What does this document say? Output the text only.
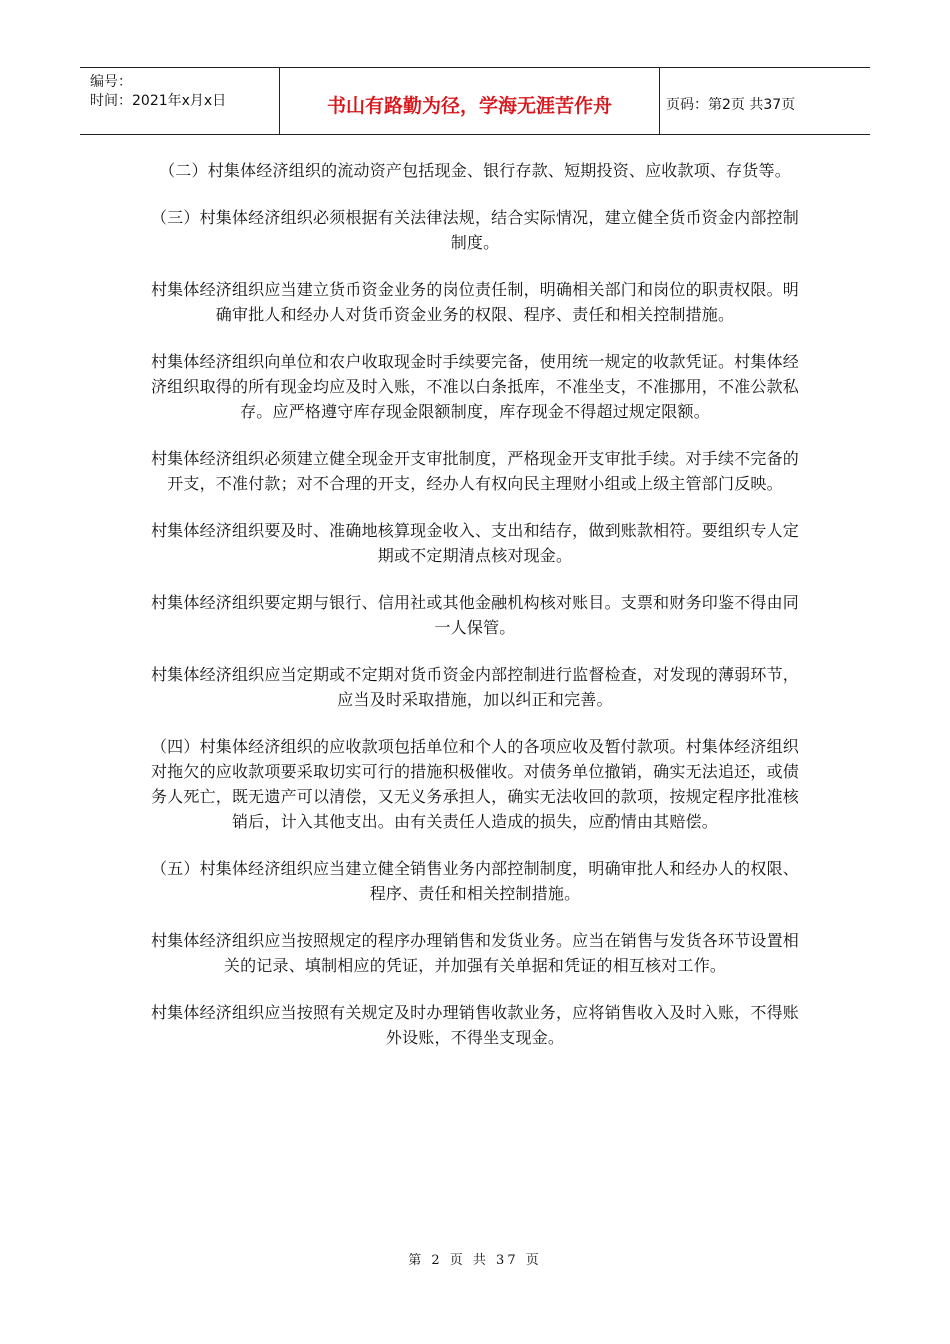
编号：
时间：2021年x月x日	书山有路勤为径，学海无涯苦作舟	页码：第2页 共37页

（二）村集体经济组织的流动资产包括现金、银行存款、短期投资、应收款项、存货等。

（三）村集体经济组织必须根据有关法律法规，结合实际情况，建立健全货币资金内部控制制度。

村集体经济组织应当建立货币资金业务的岗位责任制，明确相关部门和岗位的职责权限。明确审批人和经办人对货币资金业务的权限、程序、责任和相关控制措施。

村集体经济组织向单位和农户收取现金时手续要完备，使用统一规定的收款凭证。村集体经济组织取得的所有现金均应及时入账，不准以白条抵库，不准坐支，不准挪用，不准公款私存。应严格遵守库存现金限额制度，库存现金不得超过规定限额。

村集体经济组织必须建立健全现金开支审批制度，严格现金开支审批手续。对手续不完备的开支，不准付款；对不合理的开支，经办人有权向民主理财小组或上级主管部门反映。

村集体经济组织要及时、准确地核算现金收入、支出和结存，做到账款相符。要组织专人定期或不定期清点核对现金。

村集体经济组织要定期与银行、信用社或其他金融机构核对账目。支票和财务印鉴不得由同一人保管。

村集体经济组织应当定期或不定期对货币资金内部控制进行监督检查，对发现的薄弱环节，应当及时采取措施，加以纠正和完善。

（四）村集体经济组织的应收款项包括单位和个人的各项应收及暂付款项。村集体经济组织对拖欠的应收款项要采取切实可行的措施积极催收。对债务单位撤销，确实无法追还，或债务人死亡，既无遗产可以清偿，又无义务承担人，确实无法收回的款项，按规定程序批准核销后，计入其他支出。由有关责任人造成的损失，应酌情由其赔偿。

（五）村集体经济组织应当建立健全销售业务内部控制制度，明确审批人和经办人的权限、程序、责任和相关控制措施。

村集体经济组织应当按照规定的程序办理销售和发货业务。应当在销售与发货各环节设置相关的记录、填制相应的凭证，并加强有关单据和凭证的相互核对工作。

村集体经济组织应当按照有关规定及时办理销售收款业务，应将销售收入及时入账，不得账外设账，不得坐支现金。

第 2 页 共 37 页
